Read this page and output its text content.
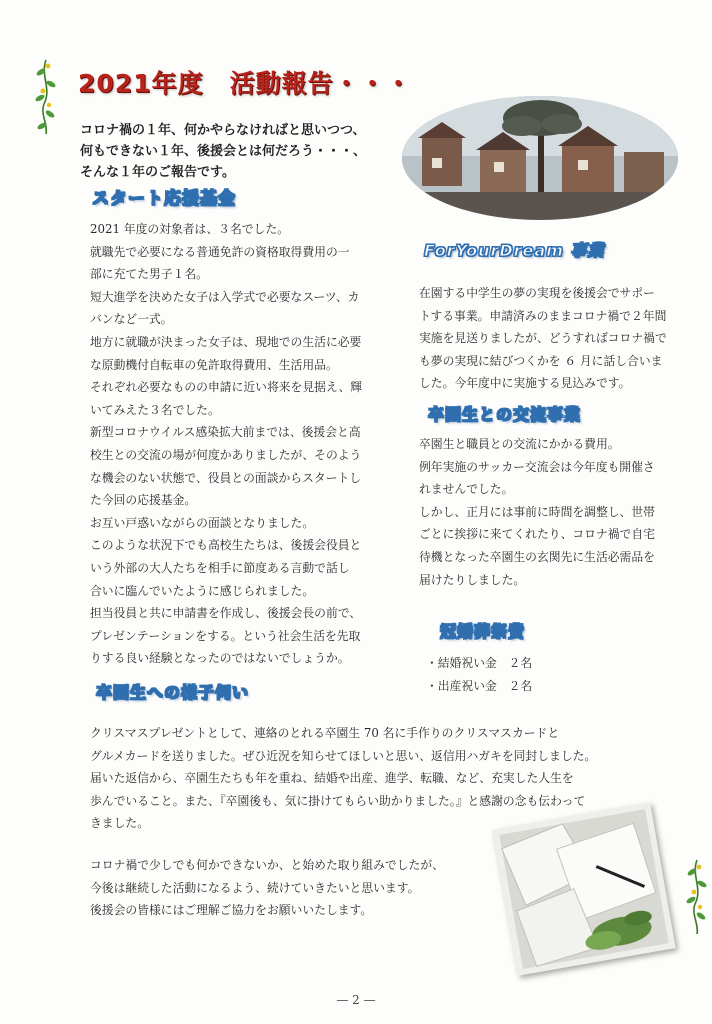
2021年度　活動報告・・・
コロナ禍の１年、何かやらなければと思いつつ、
何もできない１年、後援会とは何だろう・・・、
そんな１年のご報告です。
スタート応援基金
2021 年度の対象者は、３名でした。
就職先で必要になる普通免許の資格取得費用の一
部に充てた男子１名。
短大進学を決めた女子は入学式で必要なスーツ、カ
バンなど一式。
地方に就職が決まった女子は、現地での生活に必要
な原動機付自転車の免許取得費用、生活用品。
それぞれ必要なものの申請に近い将来を見据え、輝
いてみえた３名でした。
新型コロナウイルス感染拡大前までは、後援会と高
校生との交流の場が何度かありましたが、そのよう
な機会のない状態で、役員との面談からスタートし
た今回の応援基金。
お互い戸惑いながらの面談となりました。
このような状況下でも高校生たちは、後援会役員と
いう外部の大人たちを相手に節度ある言動で話し
合いに臨んでいたように感じられました。
担当役員と共に申請書を作成し、後援会長の前で、
プレゼンテーションをする。という社会生活を先取
りする良い経験となったのではないでしょうか。
ForYourDream 事業
在園する中学生の夢の実現を後援会でサポー
トする事業。申請済みのままコロナ禍で２年間
実施を見送りましたが、どうすればコロナ禍で
も夢の実現に結びつくかを ６ 月に話し合いま
した。今年度中に実施する見込みです。
卒園生との交流事業
卒園生と職員との交流にかかる費用。
例年実施のサッカー交流会は今年度も開催さ
れませんでした。
しかし、正月には事前に時間を調整し、世帯
ごとに挨拶に来てくれたり、コロナ禍で自宅
待機となった卒園生の玄関先に生活必需品を
届けたりしました。
冠婚葬祭費
・結婚祝い金　２名
・出産祝い金　２名
卒園生への様子伺い
クリスマスプレゼントとして、連絡のとれる卒園生 70 名に手作りのクリスマスカードと
グルメカードを送りました。ぜひ近況を知らせてほしいと思い、返信用ハガキを同封しました。
届いた返信から、卒園生たちも年を重ね、結婚や出産、進学、転職、など、充実した人生を
歩んでいること。また、『卒園後も、気に掛けてもらい助かりました。』と感謝の念も伝わって
きました。
コロナ禍で少しでも何かできないか、と始めた取り組みでしたが、
今後は継続した活動になるよう、続けていきたいと思います。
後援会の皆様にはご理解ご協力をお願いいたします。
— 2 —
